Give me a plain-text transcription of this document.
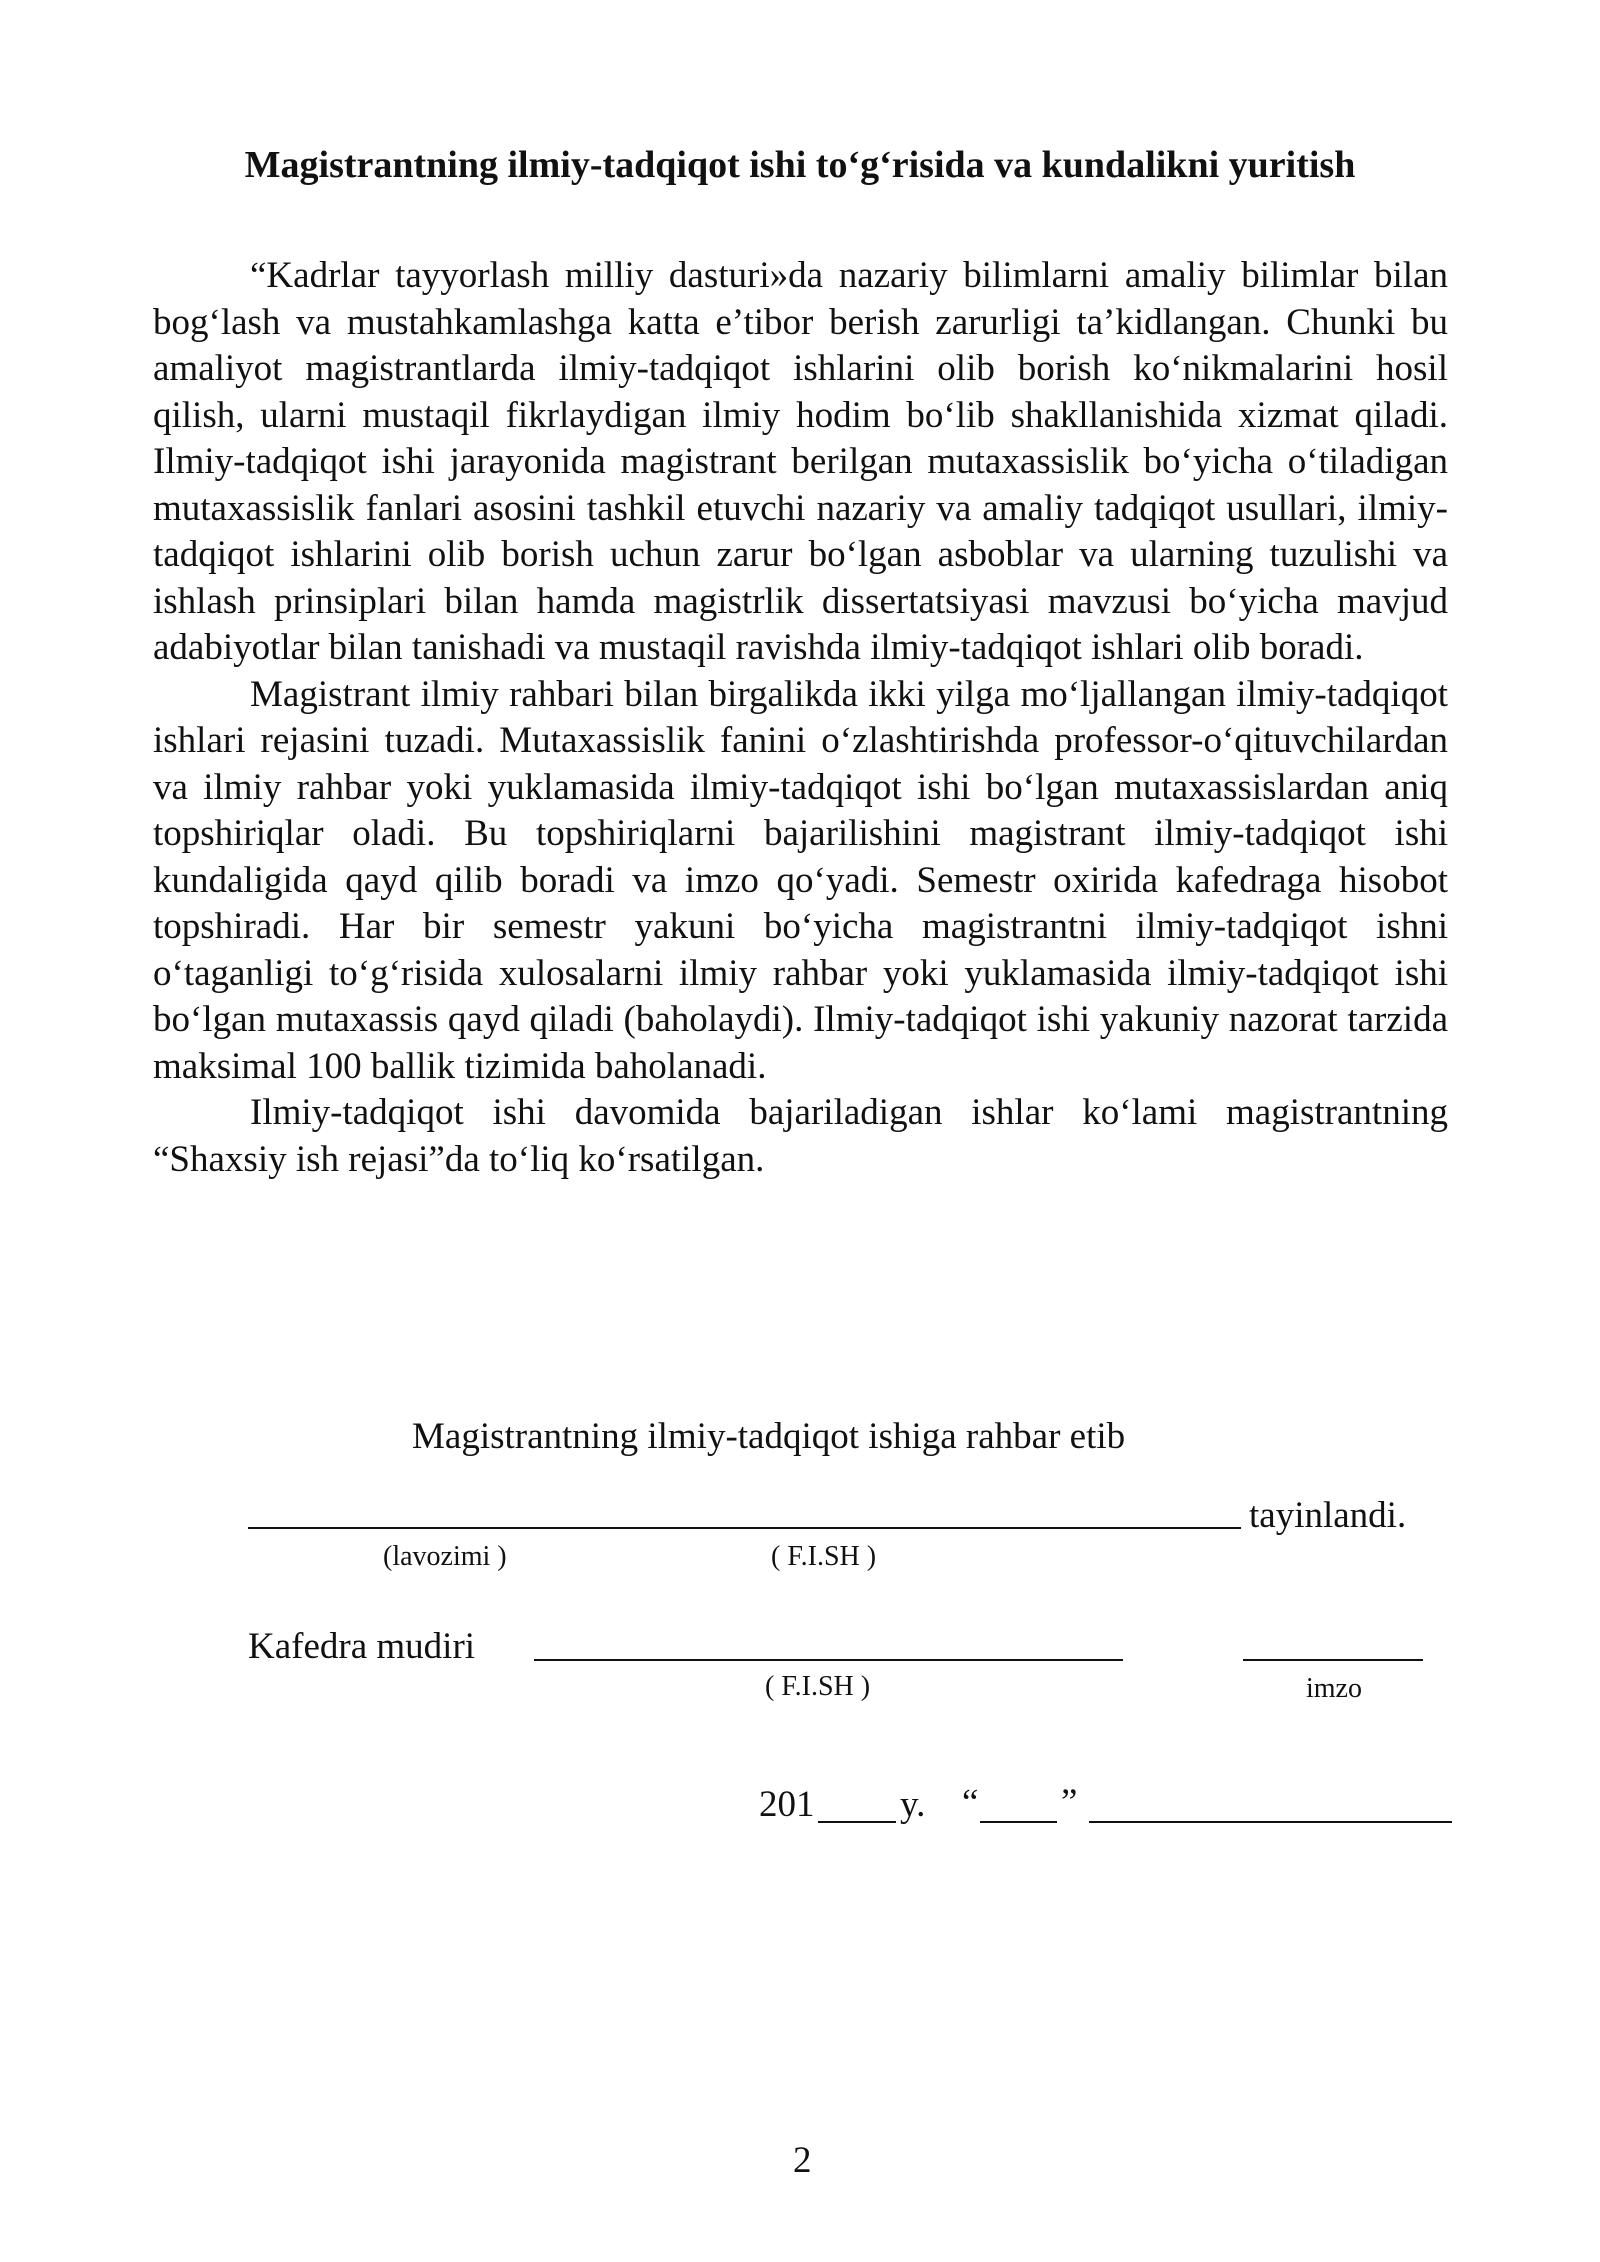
Magistrantning ilmiy-tadqiqot ishi to‘g‘risida va kundalikni yuritish

“Kadrlar tayyorlash milliy dasturi»da nazariy bilimlarni amaliy bilimlar bilan bog‘lash va mustahkamlashga katta e’tibor berish zarurligi ta’kidlangan. Chunki bu amaliyot magistrantlarda ilmiy-tadqiqot ishlarini olib borish ko‘nikmalarini hosil qilish, ularni mustaqil fikrlaydigan ilmiy hodim bo‘lib shakllanishida xizmat qiladi. Ilmiy-tadqiqot ishi jarayonida magistrant berilgan mutaxassislik bo‘yicha o‘tiladigan mutaxassislik fanlari asosini tashkil etuvchi nazariy va amaliy tadqiqot usullari, ilmiy-tadqiqot ishlarini olib borish uchun zarur bo‘lgan asboblar va ularning tuzulishi va ishlash prinsiplari bilan hamda magistrlik dissertatsiyasi mavzusi bo‘yicha mavjud adabiyotlar bilan tanishadi va mustaqil ravishda ilmiy-tadqiqot ishlari olib boradi.

Magistrant ilmiy rahbari bilan birgalikda ikki yilga mo‘ljallangan ilmiy-tadqiqot ishlari rejasini tuzadi. Mutaxassislik fanini o‘zlashtirishda professor-o‘qituvchilardan va ilmiy rahbar yoki yuklamasida ilmiy-tadqiqot ishi bo‘lgan mutaxassislardan aniq topshiriqlar oladi. Bu topshiriqlarni bajarilishini magistrant ilmiy-tadqiqot ishi kundaligida qayd qilib boradi va imzo qo‘yadi. Semestr oxirida kafedraga hisobot topshiradi. Har bir semestr yakuni bo‘yicha magistrantni ilmiy-tadqiqot ishni o‘taganligi to‘g‘risida xulosalarni ilmiy rahbar yoki yuklamasida ilmiy-tadqiqot ishi bo‘lgan mutaxassis qayd qiladi (baholaydi). Ilmiy-tadqiqot ishi yakuniy nazorat tarzida maksimal 100 ballik tizimida baholanadi.

Ilmiy-tadqiqot ishi davomida bajariladigan ishlar ko‘lami magistrantning “Shaxsiy ish rejasi”da to‘liq ko‘rsatilgan.

Magistrantning ilmiy-tadqiqot ishiga rahbar etib
tayinlandi.
(lavozimi )	( F.I.SH )
Kafedra mudiri
( F.I.SH )	imzo
201 y. “ ”
2
